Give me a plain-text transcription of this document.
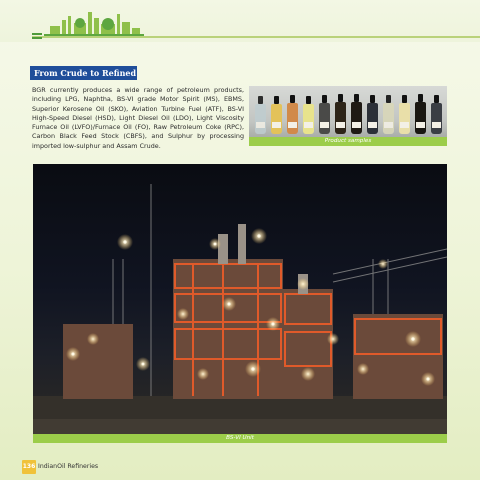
From Crude to Refined

BGR currently produces a wide range of petroleum products, including LPG, Naphtha, BS-VI grade Motor Spirit (MS), EBMS, Superior Kerosene Oil (SKO), Aviation Turbine Fuel (ATF), BS-VI High-Speed Diesel (HSD), Light Diesel Oil (LDO), Light Viscosity Furnace Oil (LVFO)/Furnace Oil (FO), Raw Petroleum Coke (RPC), Carbon Black Feed Stock (CBFS), and Sulphur by processing imported low-sulphur and Assam Crude.

Product samples
BS-VI Unit
136 IndianOil Refineries
